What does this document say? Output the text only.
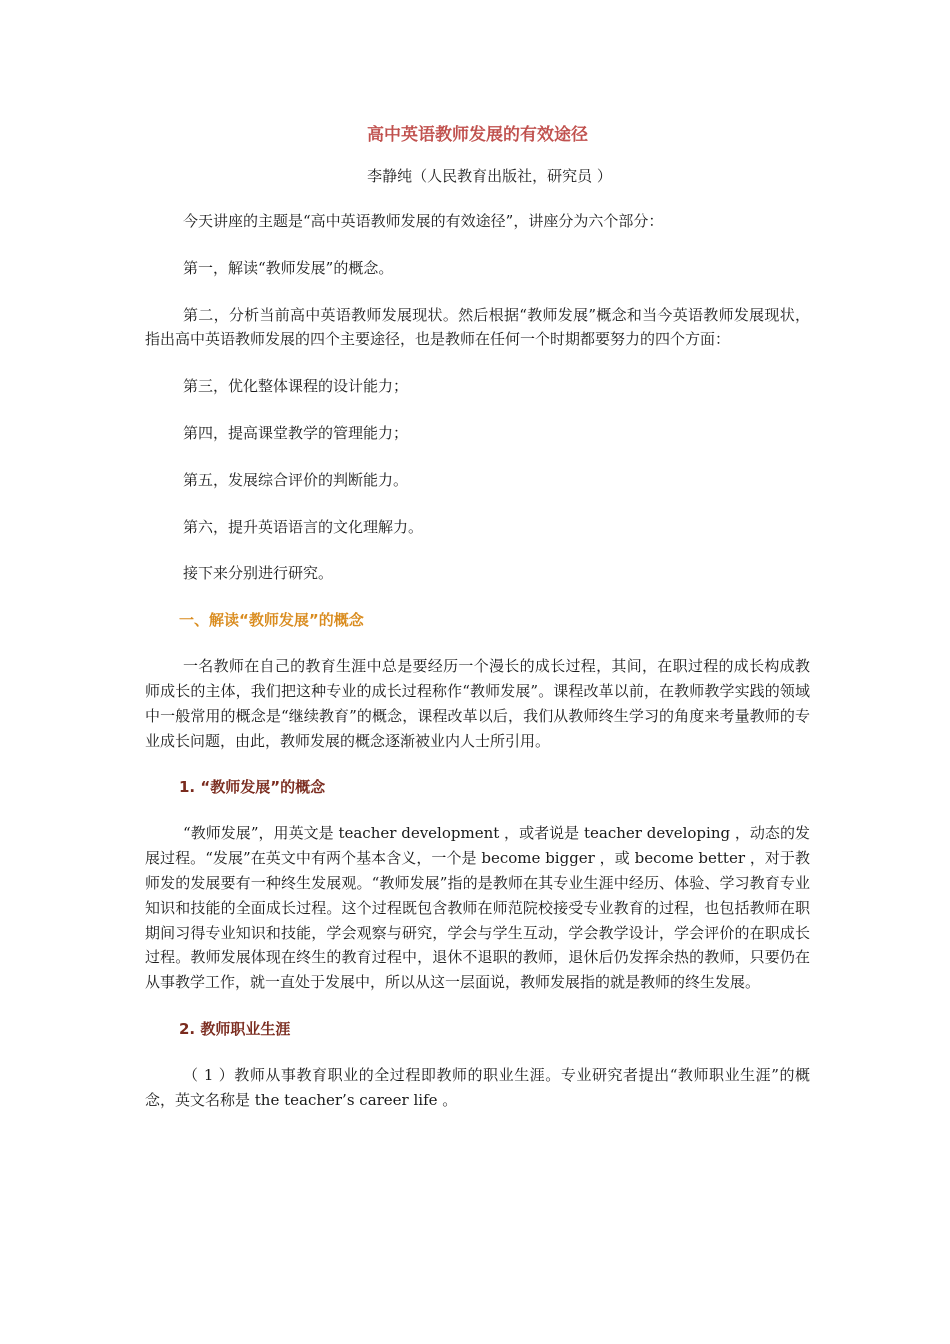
高中英语教师发展的有效途径
李静纯（人民教育出版社，研究员 ）

今天讲座的主题是“高中英语教师发展的有效途径”，讲座分为六个部分：

第一，解读“教师发展”的概念。

第二，分析当前高中英语教师发展现状。然后根据“教师发展”概念和当今英语教师发展现状，指出高中英语教师发展的四个主要途径，也是教师在任何一个时期都要努力的四个方面：

第三，优化整体课程的设计能力；

第四，提高课堂教学的管理能力；

第五，发展综合评价的判断能力。

第六，提升英语语言的文化理解力。

接下来分别进行研究。

一、解读“教师发展”的概念

一名教师在自己的教育生涯中总是要经历一个漫长的成长过程，其间，在职过程的成长构成教师成长的主体，我们把这种专业的成长过程称作“教师发展”。课程改革以前，在教师教学实践的领域中一般常用的概念是“继续教育”的概念，课程改革以后，我们从教师终生学习的角度来考量教师的专业成长问题，由此，教师发展的概念逐渐被业内人士所引用。

1. “教师发展”的概念

“教师发展”，用英文是 teacher development ，或者说是 teacher developing ，动态的发展过程。“发展”在英文中有两个基本含义，一个是 become bigger ，或 become better ，对于教师发的发展要有一种终生发展观。“教师发展”指的是教师在其专业生涯中经历、体验、学习教育专业知识和技能的全面成长过程。这个过程既包含教师在师范院校接受专业教育的过程，也包括教师在职期间习得专业知识和技能，学会观察与研究，学会与学生互动，学会教学设计，学会评价的在职成长过程。教师发展体现在终生的教育过程中，退休不退职的教师，退休后仍发挥余热的教师，只要仍在从事教学工作，就一直处于发展中，所以从这一层面说，教师发展指的就是教师的终生发展。

2. 教师职业生涯

（ 1 ）教师从事教育职业的全过程即教师的职业生涯。专业研究者提出“教师职业生涯”的概念，英文名称是 the teacher’s career life 。
